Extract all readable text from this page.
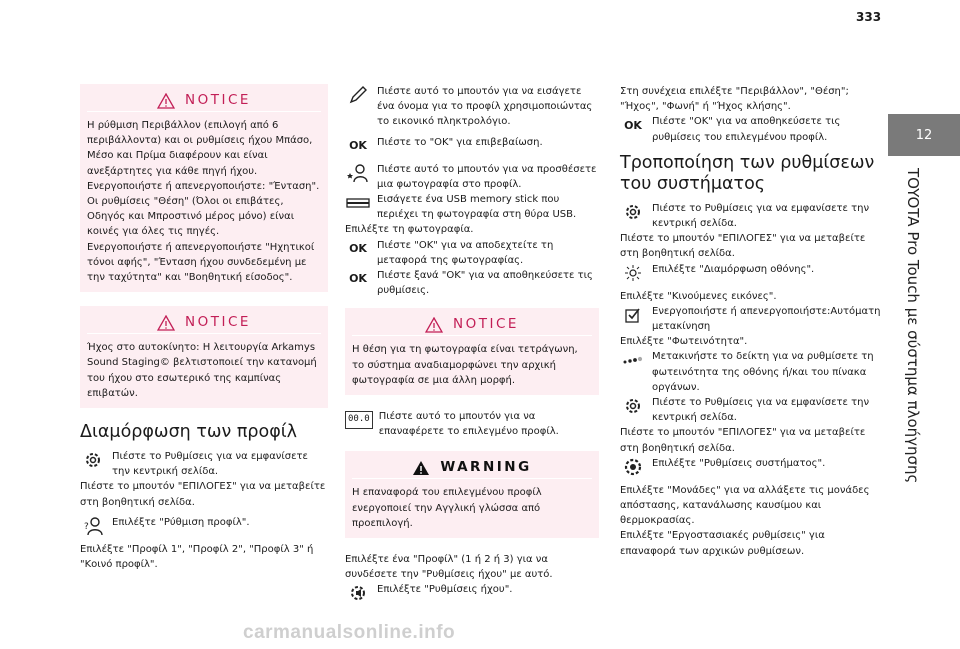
333
12
TOYOTA Pro Touch με σύστημα πλοήγησης
NOTICE
Η ρύθμιση Περιβάλλον (επιλογή από 6 περιβάλλοντα) και οι ρυθμίσεις ήχου Μπάσο, Μέσο και Πρίμα διαφέρουν και είναι ανεξάρτητες για κάθε πηγή ήχου.
Ενεργοποιήστε ή απενεργοποιήστε: "Ένταση".
Οι ρυθμίσεις "Θέση" (Όλοι οι επιβάτες, Οδηγός και Μπροστινό μέρος μόνο) είναι κοινές για όλες τις πηγές.
Ενεργοποιήστε ή απενεργοποιήστε "Ηχητικοί τόνοι αφής", "Ένταση ήχου συνδεδεμένη με την ταχύτητα" και "Βοηθητική είσοδος".
NOTICE
Ήχος στο αυτοκίνητο: Η λειτουργία Arkamys Sound Staging© βελτιστοποιεί την κατανομή του ήχου στο εσωτερικό της καμπίνας επιβατών.
Διαμόρφωση των προφίλ
Πιέστε το Ρυθμίσεις για να εμφανίσετε την κεντρική σελίδα.
Πιέστε το μπουτόν "ΕΠΙΛΟΓΕΣ" για να μεταβείτε στη βοηθητική σελίδα.
? Επιλέξτε "Ρύθμιση προφίλ".
Επιλέξτε "Προφίλ 1", "Προφίλ 2", "Προφίλ 3" ή "Κοινό προφίλ".
Πιέστε αυτό το μπουτόν για να εισάγετε ένα όνομα για το προφίλ χρησιμοποιώντας το εικονικό πληκτρολόγιο.
OK	Πιέστε το "OK" για επιβεβαίωση.
Πιέστε αυτό το μπουτόν για να προσθέσετε μια φωτογραφία στο προφίλ.
Εισάγετε ένα USB memory stick που περιέχει τη φωτογραφία στη θύρα USB.
Επιλέξτε τη φωτογραφία.
OK	Πιέστε "OK" για να αποδεχτείτε τη μεταφορά της φωτογραφίας.
OK	Πιέστε ξανά "OK" για να αποθηκεύσετε τις ρυθμίσεις.
NOTICE
Η θέση για τη φωτογραφία είναι τετράγωνη, το σύστημα αναδιαμορφώνει την αρχική φωτογραφία σε μια άλλη μορφή.
00.0 Πιέστε αυτό το μπουτόν για να επαναφέρετε το επιλεγμένο προφίλ.
WARNING
Η επαναφορά του επιλεγμένου προφίλ ενεργοποιεί την Αγγλική γλώσσα από προεπιλογή.
Επιλέξτε ένα "Προφίλ" (1 ή 2 ή 3) για να συνδέσετε την "Ρυθμίσεις ήχου" με αυτό.
Επιλέξτε "Ρυθμίσεις ήχου".
Στη συνέχεια επιλέξτε "Περιβάλλον", "Θέση"; "Ήχος", "Φωνή" ή "Ήχος κλήσης".
OK	Πιέστε "OK" για να αποθηκεύσετε τις ρυθμίσεις του επιλεγμένου προφίλ.
Τροποποίηση των ρυθμίσεων του συστήματος
Πιέστε το Ρυθμίσεις για να εμφανίσετε την κεντρική σελίδα.
Πιέστε το μπουτόν "ΕΠΙΛΟΓΕΣ" για να μεταβείτε στη βοηθητική σελίδα.
Επιλέξτε "Διαμόρφωση οθόνης".
Επιλέξτε "Κινούμενες εικόνες".
Ενεργοποιήστε ή απενεργοποιήστε:Αυτόματη μετακίνηση
Επιλέξτε "Φωτεινότητα".
Μετακινήστε το δείκτη για να ρυθμίσετε τη φωτεινότητα της οθόνης ή/και του πίνακα οργάνων.
Πιέστε το Ρυθμίσεις για να εμφανίσετε την κεντρική σελίδα.
Πιέστε το μπουτόν "ΕΠΙΛΟΓΕΣ" για να μεταβείτε στη βοηθητική σελίδα.
Επιλέξτε "Ρυθμίσεις συστήματος".
Επιλέξτε "Μονάδες" για να αλλάξετε τις μονάδες απόστασης, κατανάλωσης καυσίμου και θερμοκρασίας.
Επιλέξτε "Εργοστασιακές ρυθμίσεις" για επαναφορά των αρχικών ρυθμίσεων.
carmanualsonline.info
